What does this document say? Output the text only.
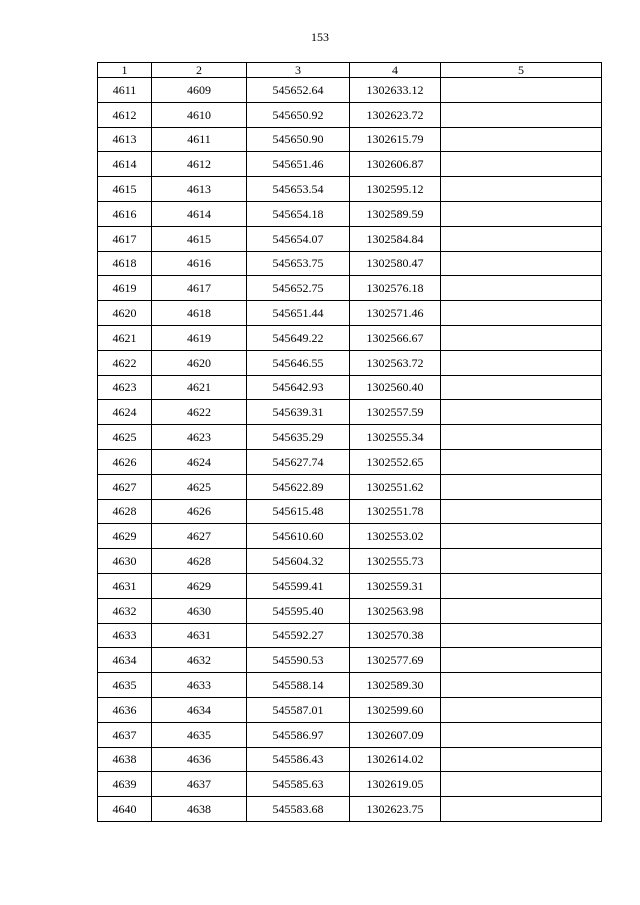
153
1	2	3	4	5
4611	4609	545652.64	1302633.12	
4612	4610	545650.92	1302623.72	
4613	4611	545650.90	1302615.79	
4614	4612	545651.46	1302606.87	
4615	4613	545653.54	1302595.12	
4616	4614	545654.18	1302589.59	
4617	4615	545654.07	1302584.84	
4618	4616	545653.75	1302580.47	
4619	4617	545652.75	1302576.18	
4620	4618	545651.44	1302571.46	
4621	4619	545649.22	1302566.67	
4622	4620	545646.55	1302563.72	
4623	4621	545642.93	1302560.40	
4624	4622	545639.31	1302557.59	
4625	4623	545635.29	1302555.34	
4626	4624	545627.74	1302552.65	
4627	4625	545622.89	1302551.62	
4628	4626	545615.48	1302551.78	
4629	4627	545610.60	1302553.02	
4630	4628	545604.32	1302555.73	
4631	4629	545599.41	1302559.31	
4632	4630	545595.40	1302563.98	
4633	4631	545592.27	1302570.38	
4634	4632	545590.53	1302577.69	
4635	4633	545588.14	1302589.30	
4636	4634	545587.01	1302599.60	
4637	4635	545586.97	1302607.09	
4638	4636	545586.43	1302614.02	
4639	4637	545585.63	1302619.05	
4640	4638	545583.68	1302623.75	
